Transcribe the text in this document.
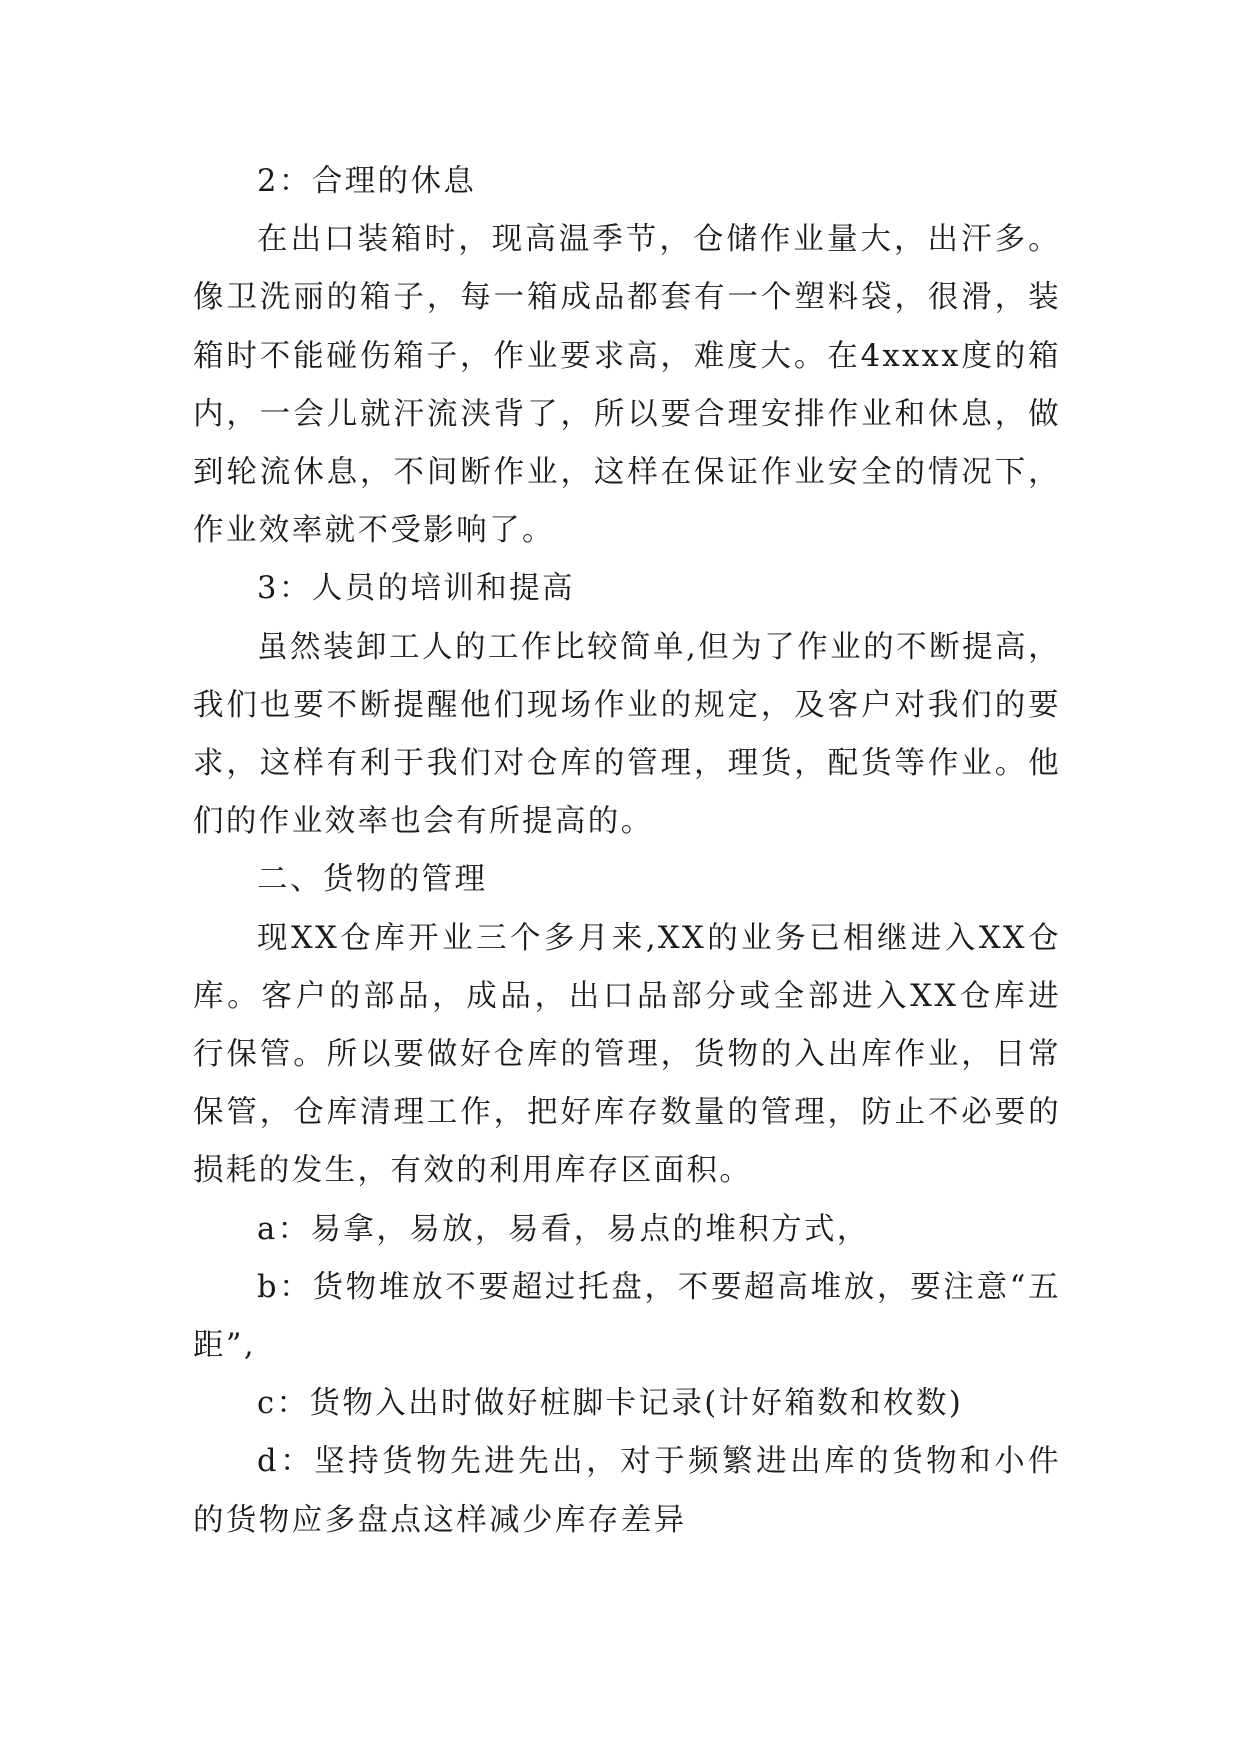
2：合理的休息

在出口装箱时，现高温季节，仓储作业量大，出汗多。像卫洗丽的箱子，每一箱成品都套有一个塑料袋，很滑，装箱时不能碰伤箱子，作业要求高，难度大。在4xxxx度的箱内，一会儿就汗流浃背了，所以要合理安排作业和休息，做到轮流休息，不间断作业，这样在保证作业安全的情况下，作业效率就不受影响了。

3：人员的培训和提高

虽然装卸工人的工作比较简单,但为了作业的不断提高，我们也要不断提醒他们现场作业的规定，及客户对我们的要求，这样有利于我们对仓库的管理，理货，配货等作业。他们的作业效率也会有所提高的。

二、货物的管理

现XX仓库开业三个多月来,XX的业务已相继进入XX仓库。客户的部品，成品，出口品部分或全部进入XX仓库进行保管。所以要做好仓库的管理，货物的入出库作业，日常保管，仓库清理工作，把好库存数量的管理，防止不必要的损耗的发生，有效的利用库存区面积。

a：易拿，易放，易看，易点的堆积方式，

b：货物堆放不要超过托盘，不要超高堆放，要注意“五距”,

c：货物入出时做好桩脚卡记录(计好箱数和枚数)

d：坚持货物先进先出，对于频繁进出库的货物和小件的货物应多盘点这样减少库存差异
